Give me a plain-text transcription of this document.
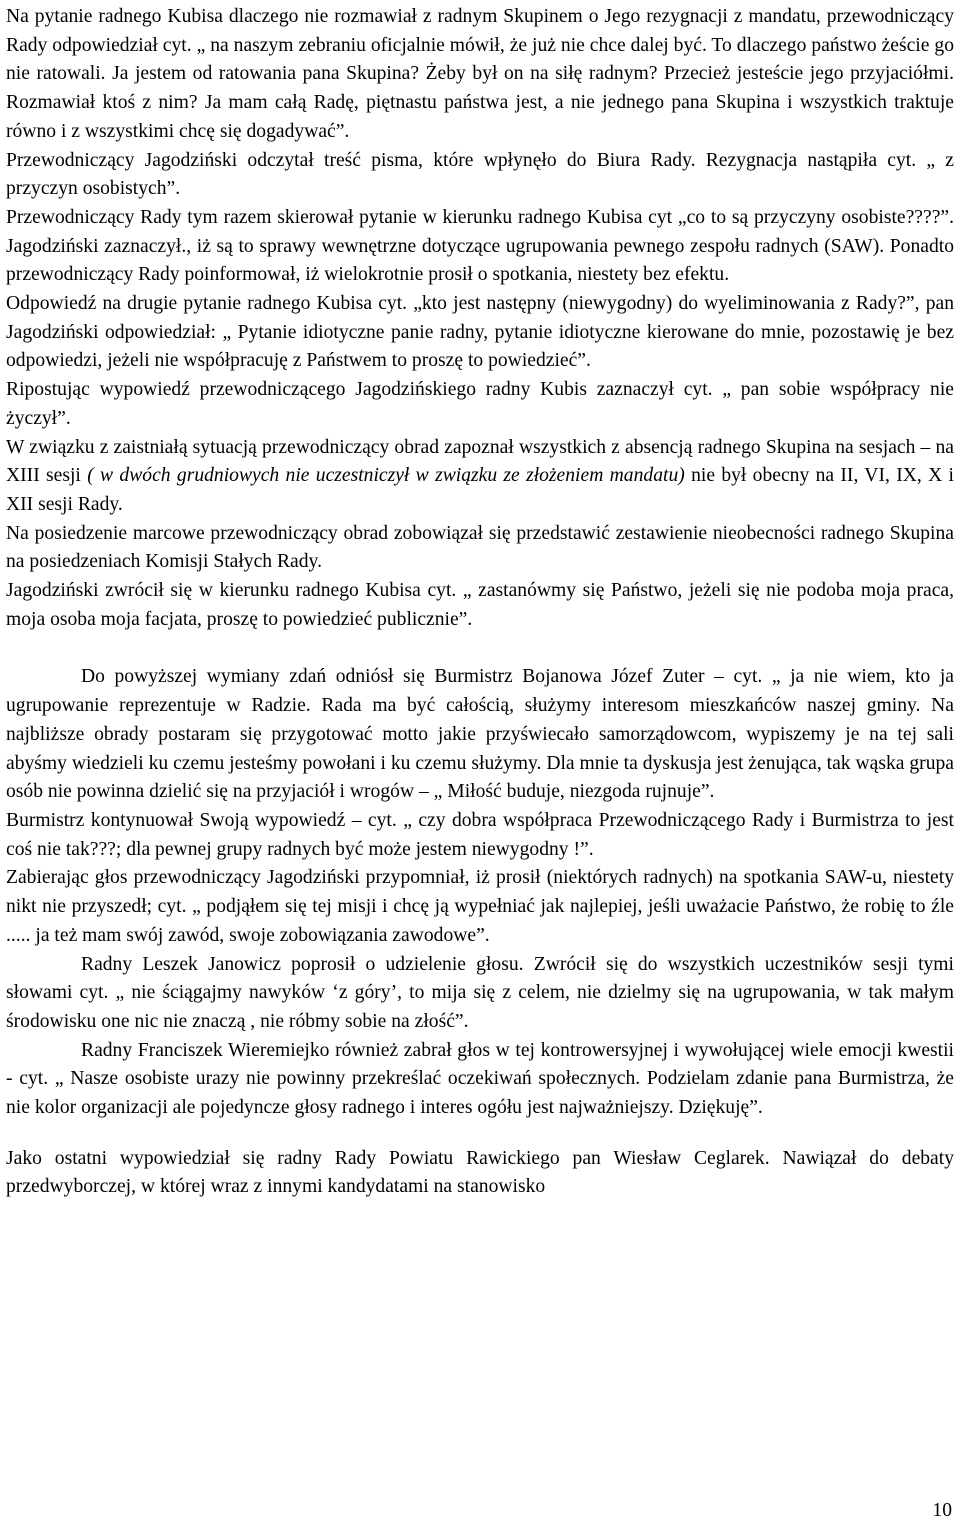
Na pytanie radnego Kubisa dlaczego nie rozmawiał z radnym Skupinem o Jego rezygnacji z mandatu, przewodniczący Rady odpowiedział cyt. „ na naszym zebraniu oficjalnie mówił, że już nie chce dalej być. To dlaczego państwo żeście go nie ratowali. Ja jestem od ratowania pana Skupina? Żeby był on na siłę radnym? Przecież jesteście jego przyjaciółmi. Rozmawiał ktoś z nim? Ja mam całą Radę, piętnastu państwa jest, a nie jednego pana Skupina i wszystkich traktuje równo i z wszystkimi chcę się dogadywać”.

Przewodniczący Jagodziński odczytał treść pisma, które wpłynęło do Biura Rady. Rezygnacja nastąpiła cyt. „ z przyczyn osobistych”.

Przewodniczący Rady tym razem skierował pytanie w kierunku radnego Kubisa cyt „co to są przyczyny osobiste????”. Jagodziński zaznaczył., iż są to sprawy wewnętrzne dotyczące ugrupowania pewnego zespołu radnych (SAW). Ponadto przewodniczący Rady poinformował, iż wielokrotnie prosił o spotkania, niestety bez efektu.

Odpowiedź na drugie pytanie radnego Kubisa cyt. „kto jest następny (niewygodny) do wyeliminowania z Rady?”, pan Jagodziński odpowiedział: „ Pytanie idiotyczne panie radny, pytanie idiotyczne kierowane do mnie, pozostawię je bez odpowiedzi, jeżeli nie współpracuję z Państwem to proszę to powiedzieć”.

Ripostując wypowiedź przewodniczącego Jagodzińskiego radny Kubis zaznaczył cyt. „ pan sobie współpracy nie życzył”.

W związku z zaistniałą sytuacją przewodniczący obrad zapoznał wszystkich z absencją radnego Skupina na sesjach – na XIII sesji ( w dwóch grudniowych nie uczestniczył w związku ze złożeniem mandatu) nie był obecny na II, VI, IX, X i XII sesji Rady.

Na posiedzenie marcowe przewodniczący obrad zobowiązał się przedstawić zestawienie nieobecności radnego Skupina na posiedzeniach Komisji Stałych Rady.

Jagodziński zwrócił się w kierunku radnego Kubisa cyt. „ zastanówmy się Państwo, jeżeli się nie podoba moja praca, moja osoba moja facjata, proszę to powiedzieć publicznie”.

Do powyższej wymiany zdań odniósł się Burmistrz Bojanowa Józef Zuter – cyt. „ ja nie wiem, kto ja ugrupowanie reprezentuje w Radzie. Rada ma być całością, służymy interesom mieszkańców naszej gminy. Na najbliższe obrady postaram się przygotować motto jakie przyświecało samorządowcom, wypiszemy je na tej sali abyśmy wiedzieli ku czemu jesteśmy powołani i ku czemu służymy. Dla mnie ta dyskusja jest żenująca, tak wąska grupa osób nie powinna dzielić się na przyjaciół i wrogów – „ Miłość buduje, niezgoda rujnuje”.

Burmistrz kontynuował Swoją wypowiedź – cyt. „ czy dobra współpraca Przewodniczącego Rady i Burmistrza to jest coś nie tak???; dla pewnej grupy radnych być może jestem niewygodny !”.

Zabierając głos przewodniczący Jagodziński przypomniał, iż prosił (niektórych radnych) na spotkania SAW-u, niestety nikt nie przyszedł; cyt. „ podjąłem się tej misji i chcę ją wypełniać jak najlepiej, jeśli uważacie Państwo, że robię to źle ..... ja też mam swój zawód, swoje zobowiązania zawodowe”.

Radny Leszek Janowicz poprosił o udzielenie głosu. Zwrócił się do wszystkich uczestników sesji tymi słowami cyt. „ nie ściągajmy nawyków ‘z góry’, to mija się z celem, nie dzielmy się na ugrupowania, w tak małym środowisku one nic nie znaczą , nie róbmy sobie na złość”.

Radny Franciszek Wieremiejko również zabrał głos w tej kontrowersyjnej i wywołującej wiele emocji kwestii - cyt. „ Nasze osobiste urazy nie powinny przekreślać oczekiwań społecznych. Podzielam zdanie pana Burmistrza, że nie kolor organizacji ale pojedyncze głosy radnego i interes ogółu jest najważniejszy. Dziękuję”.

Jako ostatni wypowiedział się radny Rady Powiatu Rawickiego pan Wiesław Ceglarek. Nawiązał do debaty przedwyborczej, w której wraz z innymi kandydatami na stanowisko

10
